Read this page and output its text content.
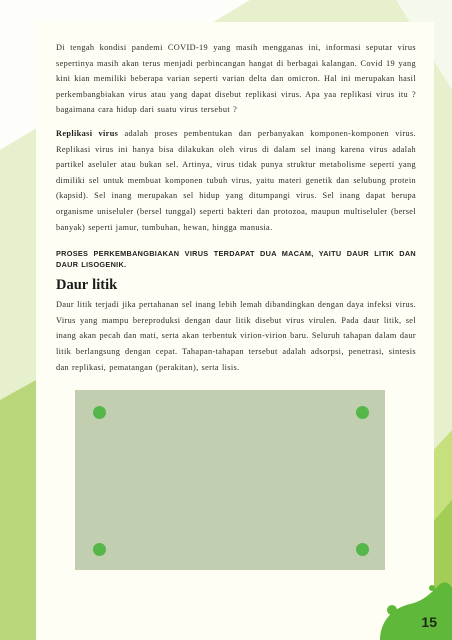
Di tengah kondisi pandemi COVID-19 yang masih mengganas ini, informasi seputar virus sepertinya masih akan terus menjadi perbincangan hangat di berbagai kalangan. Covid 19 yang kini kian memiliki beberapa varian seperti varian delta dan omicron. Hal ini merupakan hasil perkembangbiakan virus atau yang dapat disebut replikasi virus. Apa yaa replikasi virus itu ? bagaimana cara hidup dari suatu virus tersebut ?

Replikasi virus adalah proses pembentukan dan perbanyakan komponen-komponen virus. Replikasi virus ini hanya bisa dilakukan oleh virus di dalam sel inang karena virus adalah partikel aseluler atau bukan sel. Artinya, virus tidak punya struktur metabolisme seperti yang dimiliki sel untuk membuat komponen tubuh virus, yaitu materi genetik dan selubung protein (kapsid). Sel inang merupakan sel hidup yang ditumpangi virus. Sel inang dapat berupa organisme uniseluler (bersel tunggal) seperti bakteri dan protozoa, maupun multiseluler (bersel banyak) seperti jamur, tumbuhan, hewan, hingga manusia.

PROSES PERKEMBANGBIAKAN VIRUS TERDAPAT DUA MACAM, YAITU DAUR LITIK DAN DAUR LISOGENIK.

Daur litik

Daur litik terjadi jika pertahanan sel inang lebih lemah dibandingkan dengan daya infeksi virus. Virus yang mampu bereproduksi dengan daur litik disebut virus virulen. Pada daur litik, sel inang akan pecah dan mati, serta akan terbentuk virion-virion baru. Seluruh tahapan dalam daur litik berlangsung dengan cepat. Tahapan-tahapan tersebut adalah adsorpsi, penetrasi, sintesis dan replikasi, pematangan (perakitan), serta lisis.

15
